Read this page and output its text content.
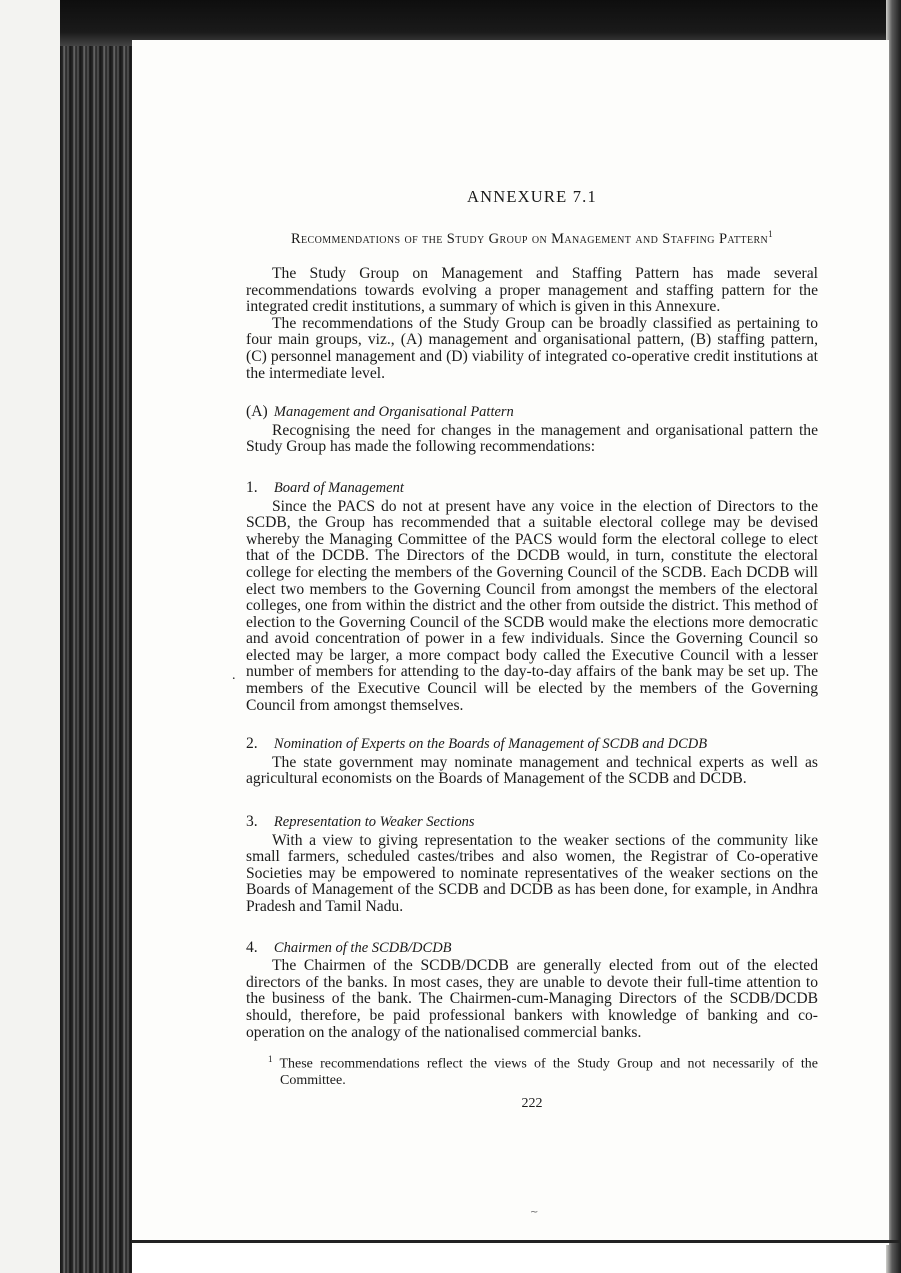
.
ANNEXURE 7.1
Recommendations of the Study Group on Management and Staffing Pattern$^1$

The Study Group on Management and Staffing Pattern has made several recommendations towards evolving a proper management and staffing pattern for the integrated credit institutions, a summary of which is given in this Annexure.

The recommendations of the Study Group can be broadly classified as pertaining to four main groups, viz., (A) management and organisational pattern, (B) staffing pattern, (C) personnel management and (D) viability of integrated co-operative credit institutions at the intermediate level.

(A) Management and Organisational Pattern

Recognising the need for changes in the management and organisational pattern the Study Group has made the following recommendations:

1. Board of Management

Since the PACS do not at present have any voice in the election of Directors to the SCDB, the Group has recommended that a suitable electoral college may be devised whereby the Managing Committee of the PACS would form the electoral college to elect that of the DCDB. The Directors of the DCDB would, in turn, constitute the electoral college for electing the members of the Governing Council of the SCDB. Each DCDB will elect two members to the Governing Council from amongst the members of the electoral colleges, one from within the district and the other from outside the district. This method of election to the Governing Council of the SCDB would make the elections more democratic and avoid concentration of power in a few individuals. Since the Governing Council so elected may be larger, a more compact body called the Executive Council with a lesser number of members for attending to the day-to-day affairs of the bank may be set up. The members of the Executive Council will be elected by the members of the Governing Council from amongst themselves.

2. Nomination of Experts on the Boards of Management of SCDB and DCDB

The state government may nominate management and technical experts as well as agricultural economists on the Boards of Management of the SCDB and DCDB.

3. Representation to Weaker Sections

With a view to giving representation to the weaker sections of the community like small farmers, scheduled castes/tribes and also women, the Registrar of Co-operative Societies may be empowered to nominate representatives of the weaker sections on the Boards of Management of the SCDB and DCDB as has been done, for example, in Andhra Pradesh and Tamil Nadu.

4. Chairmen of the SCDB/DCDB

The Chairmen of the SCDB/DCDB are generally elected from out of the elected directors of the banks. In most cases, they are unable to devote their full-time attention to the business of the bank. The Chairmen-cum-Managing Directors of the SCDB/DCDB should, therefore, be paid professional bankers with knowledge of banking and co-operation on the analogy of the nationalised commercial banks.

$^1$ These recommendations reflect the views of the Study Group and not necessarily of the Committee.
222
~
